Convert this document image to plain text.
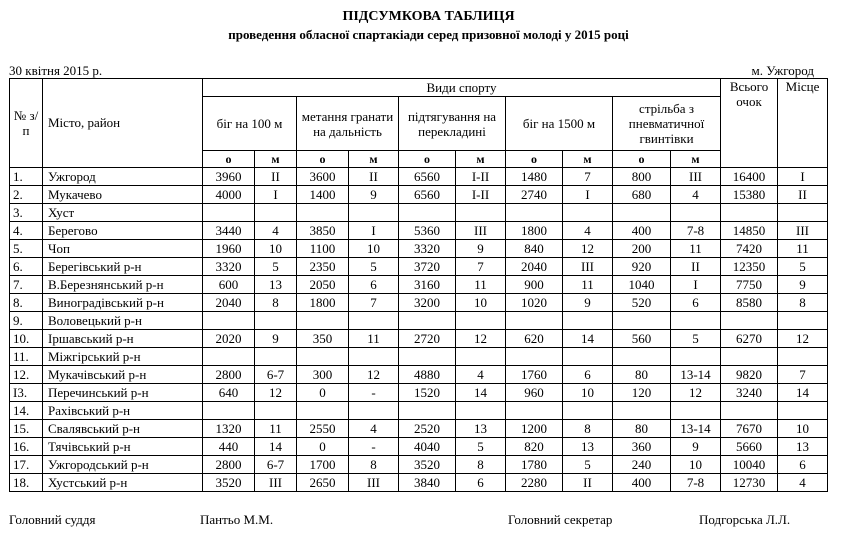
ПІДСУМКОВА ТАБЛИЦЯ
проведення обласної спартакіади серед призовної молоді у 2015 році
30 квітня 2015 р.	м. Ужгород
№ з/п	Місто, район	Види спорту										Всього очок	Місце
		біг на 100 м		метання гранати на дальність		підтягування на перекладині		біг на 1500 м		стрільба з пневматичної гвинтівки			
		о	м	о	м	о	м	о	м	о	м		
1.	Ужгород	3960	ІІ	3600	ІІ	6560	І-ІІ	1480	7	800	ІІІ	16400	І
2.	Мукачево	4000	І	1400	9	6560	І-ІІ	2740	І	680	4	15380	ІІ
3.	Хуст												
4.	Берегово	3440	4	3850	І	5360	ІІІ	1800	4	400	7-8	14850	ІІІ
5.	Чоп	1960	10	1100	10	3320	9	840	12	200	11	7420	11
6.	Берегівський р-н	3320	5	2350	5	3720	7	2040	ІІІ	920	ІІ	12350	5
7.	В.Березнянський р-н	600	13	2050	6	3160	11	900	11	1040	І	7750	9
8.	Виноградівський р-н	2040	8	1800	7	3200	10	1020	9	520	6	8580	8
9.	Воловецький р-н												
10.	Іршавський р-н	2020	9	350	11	2720	12	620	14	560	5	6270	12
11.	Міжгірський р-н												
12.	Мукачівський р-н	2800	6-7	300	12	4880	4	1760	6	80	13-14	9820	7
І3.	Перечинський р-н	640	12	0	-	1520	14	960	10	120	12	3240	14
14.	Рахівський р-н												
15.	Свалявський р-н	1320	11	2550	4	2520	13	1200	8	80	13-14	7670	10
16.	Тячівський р-н	440	14	0	-	4040	5	820	13	360	9	5660	13
17.	Ужгородський р-н	2800	6-7	1700	8	3520	8	1780	5	240	10	10040	6
18.	Хустський р-н	3520	ІІІ	2650	ІІІ	3840	6	2280	ІІ	400	7-8	12730	4
Головний суддя	Пантьо М.М.	Головний секретар	Подгорська Л.Л.
